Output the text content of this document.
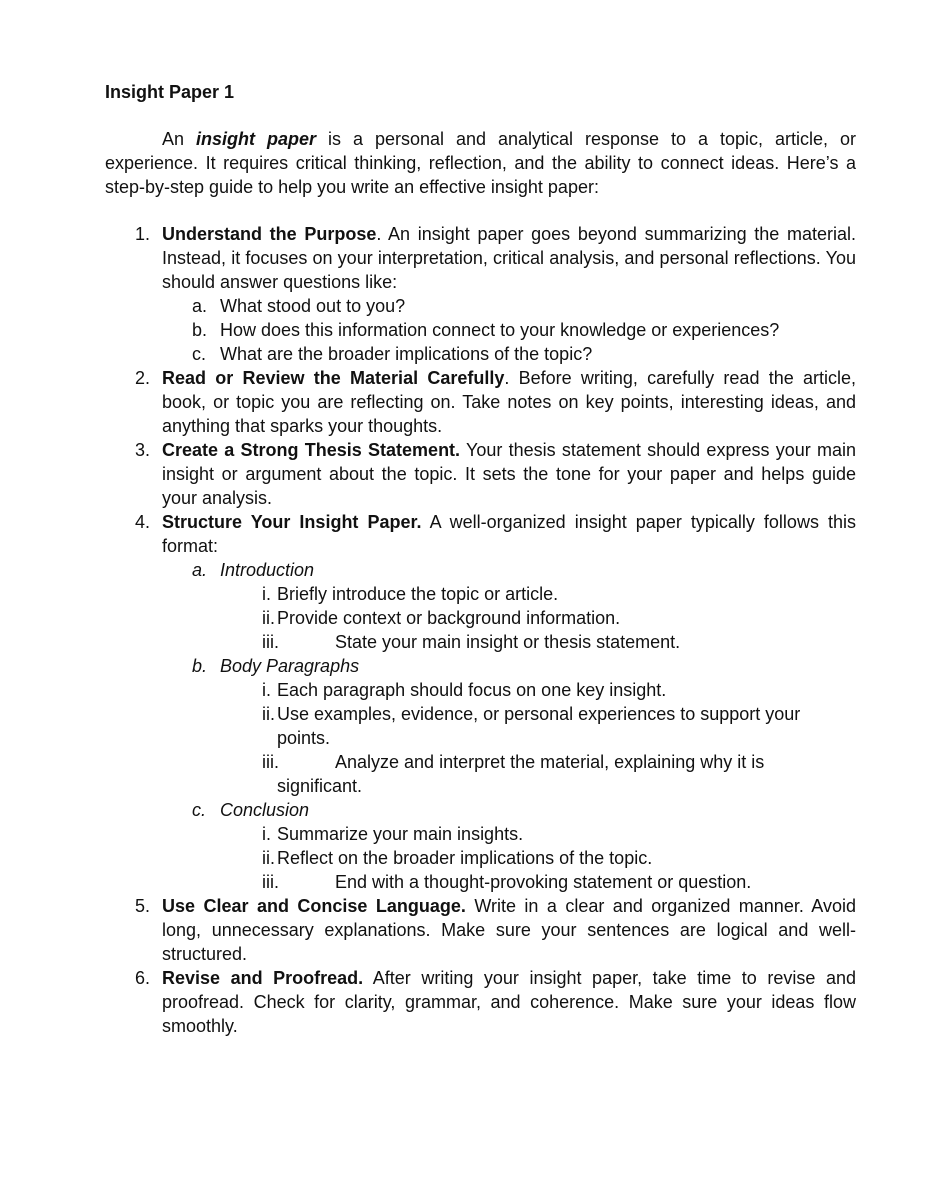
Insight Paper 1

An insight paper is a personal and analytical response to a topic, article, or experience. It requires critical thinking, reflection, and the ability to connect ideas. Here’s a step-by-step guide to help you write an effective insight paper:

1. Understand the Purpose. An insight paper goes beyond summarizing the material. Instead, it focuses on your interpretation, critical analysis, and personal reflections. You should answer questions like:
a. What stood out to you?
b. How does this information connect to your knowledge or experiences?
c. What are the broader implications of the topic?
2. Read or Review the Material Carefully. Before writing, carefully read the article, book, or topic you are reflecting on. Take notes on key points, interesting ideas, and anything that sparks your thoughts.
3. Create a Strong Thesis Statement. Your thesis statement should express your main insight or argument about the topic. It sets the tone for your paper and helps guide your analysis.
4. Structure Your Insight Paper. A well-organized insight paper typically follows this format:
a. Introduction
i. Briefly introduce the topic or article.
ii. Provide context or background information.
iii.	State your main insight or thesis statement.
b. Body Paragraphs
i. Each paragraph should focus on one key insight.
ii. Use examples, evidence, or personal experiences to support your
points.
iii.	Analyze and interpret the material, explaining why it is
significant.
c. Conclusion
i. Summarize your main insights.
ii. Reflect on the broader implications of the topic.
iii.	End with a thought-provoking statement or question.
5. Use Clear and Concise Language. Write in a clear and organized manner. Avoid long, unnecessary explanations. Make sure your sentences are logical and well-structured.
6. Revise and Proofread. After writing your insight paper, take time to revise and proofread. Check for clarity, grammar, and coherence. Make sure your ideas flow smoothly.
